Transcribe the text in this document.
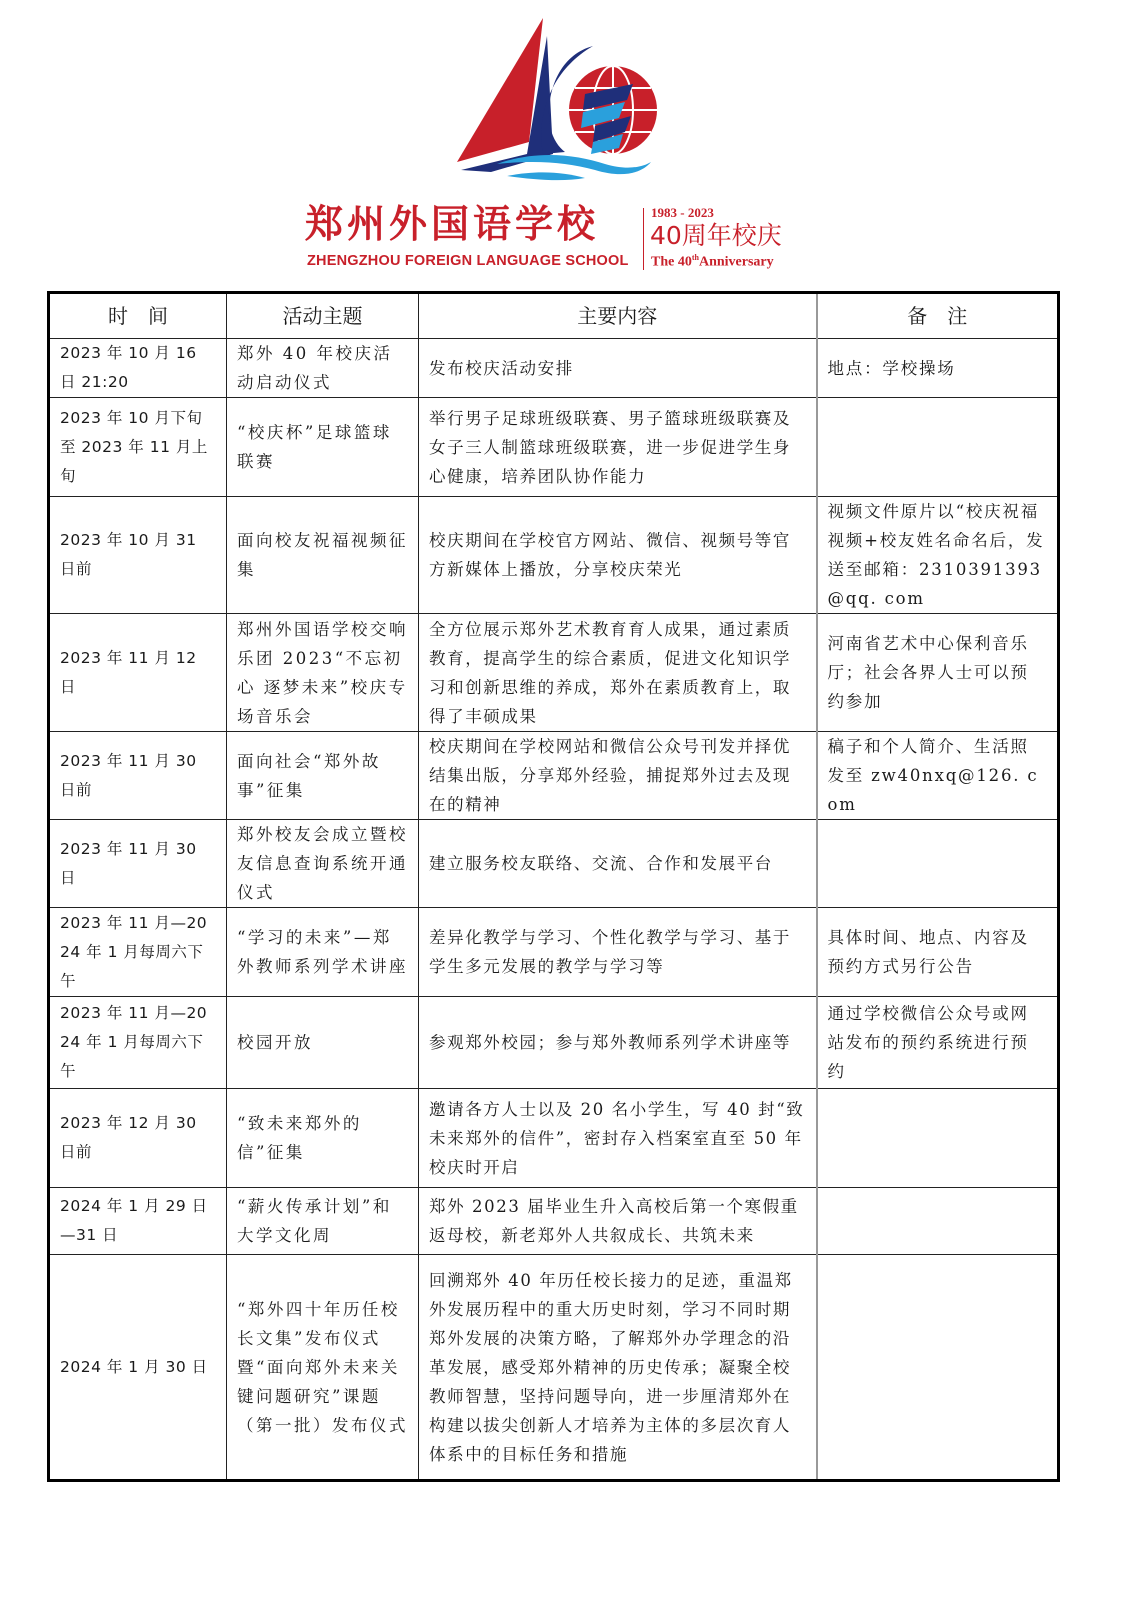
郑州外国语学校
ZHENGZHOU FOREIGN LANGUAGE SCHOOL
1983 - 2023
40周年校庆
The 40thAnniversary
时　间	活动主题	主要内容	备　注
2023 年 10 月 16 日 21:20	郑外 40 年校庆活动启动仪式	发布校庆活动安排	地点：学校操场
2023 年 10 月下旬至 2023 年 11 月上旬	“校庆杯”足球篮球联赛	举行男子足球班级联赛、男子篮球班级联赛及女子三人制篮球班级联赛，进一步促进学生身心健康，培养团队协作能力	
2023 年 10 月 31 日前	面向校友祝福视频征集	校庆期间在学校官方网站、微信、视频号等官方新媒体上播放，分享校庆荣光	视频文件原片以“校庆祝福视频+校友姓名命名后，发送至邮箱：2310391393@qq. com
2023 年 11 月 12 日	郑州外国语学校交响乐团 2023“不忘初心 逐梦未来”校庆专场音乐会	全方位展示郑外艺术教育育人成果，通过素质教育，提高学生的综合素质，促进文化知识学习和创新思维的养成，郑外在素质教育上，取得了丰硕成果	河南省艺术中心保利音乐厅；社会各界人士可以预约参加
2023 年 11 月 30 日前	面向社会“郑外故事”征集	校庆期间在学校网站和微信公众号刊发并择优结集出版，分享郑外经验，捕捉郑外过去及现在的精神	稿子和个人简介、生活照发至 zw40nxq@126. com
2023 年 11 月 30 日	郑外校友会成立暨校友信息查询系统开通仪式	建立服务校友联络、交流、合作和发展平台	
2023 年 11 月—2024 年 1 月每周六下午	“学习的未来”—郑外教师系列学术讲座	差异化教学与学习、个性化教学与学习、基于学生多元发展的教学与学习等	具体时间、地点、内容及预约方式另行公告
2023 年 11 月—2024 年 1 月每周六下午	校园开放	参观郑外校园；参与郑外教师系列学术讲座等	通过学校微信公众号或网站发布的预约系统进行预约
2023 年 12 月 30 日前	“致未来郑外的信”征集	邀请各方人士以及 20 名小学生，写 40 封“致未来郑外的信件”，密封存入档案室直至 50 年校庆时开启	
2024 年 1 月 29 日—31 日	“薪火传承计划”和大学文化周	郑外 2023 届毕业生升入高校后第一个寒假重返母校，新老郑外人共叙成长、共筑未来	
2024 年 1 月 30 日	“郑外四十年历任校长文集”发布仪式暨“面向郑外未来关键问题研究”课题（第一批）发布仪式	回溯郑外 40 年历任校长接力的足迹，重温郑外发展历程中的重大历史时刻，学习不同时期郑外发展的决策方略，了解郑外办学理念的沿革发展，感受郑外精神的历史传承；凝聚全校教师智慧，坚持问题导向，进一步厘清郑外在构建以拔尖创新人才培养为主体的多层次育人体系中的目标任务和措施	
